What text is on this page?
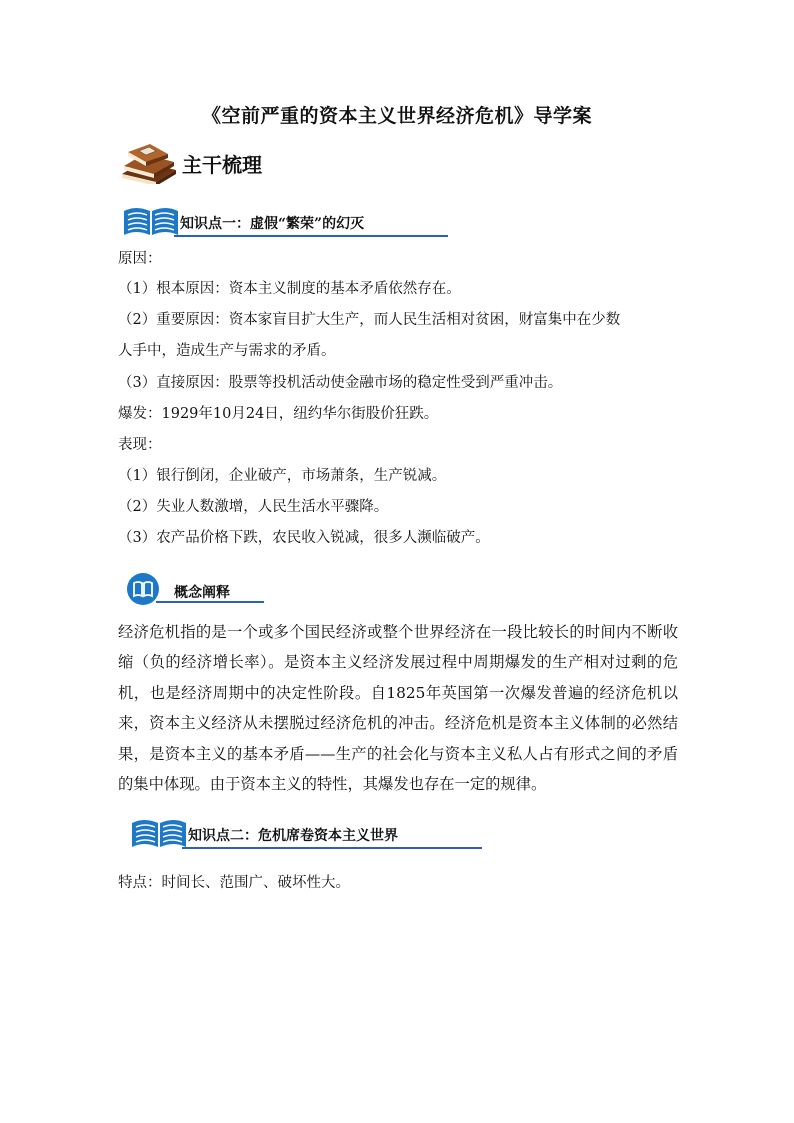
《空前严重的资本主义世界经济危机》导学案
主干梳理
知识点一：虚假“繁荣”的幻灭
原因：
（1）根本原因：资本主义制度的基本矛盾依然存在。
（2）重要原因：资本家盲目扩大生产，而人民生活相对贫困，财富集中在少数
人手中，造成生产与需求的矛盾。
（3）直接原因：股票等投机活动使金融市场的稳定性受到严重冲击。
爆发：1929年10月24日，纽约华尔街股价狂跌。
表现：
（1）银行倒闭，企业破产，市场萧条，生产锐减。
（2）失业人数激增，人民生活水平骤降。
（3）农产品价格下跌，农民收入锐减，很多人濒临破产。
概念阐释
经济危机指的是一个或多个国民经济或整个世界经济在一段比较长的时间内不断收缩（负的经济增长率）。是资本主义经济发展过程中周期爆发的生产相对过剩的危机，也是经济周期中的决定性阶段。自1825年英国第一次爆发普遍的经济危机以来，资本主义经济从未摆脱过经济危机的冲击。经济危机是资本主义体制的必然结果，是资本主义的基本矛盾——生产的社会化与资本主义私人占有形式之间的矛盾的集中体现。由于资本主义的特性，其爆发也存在一定的规律。
知识点二：危机席卷资本主义世界
特点：时间长、范围广、破坏性大。
